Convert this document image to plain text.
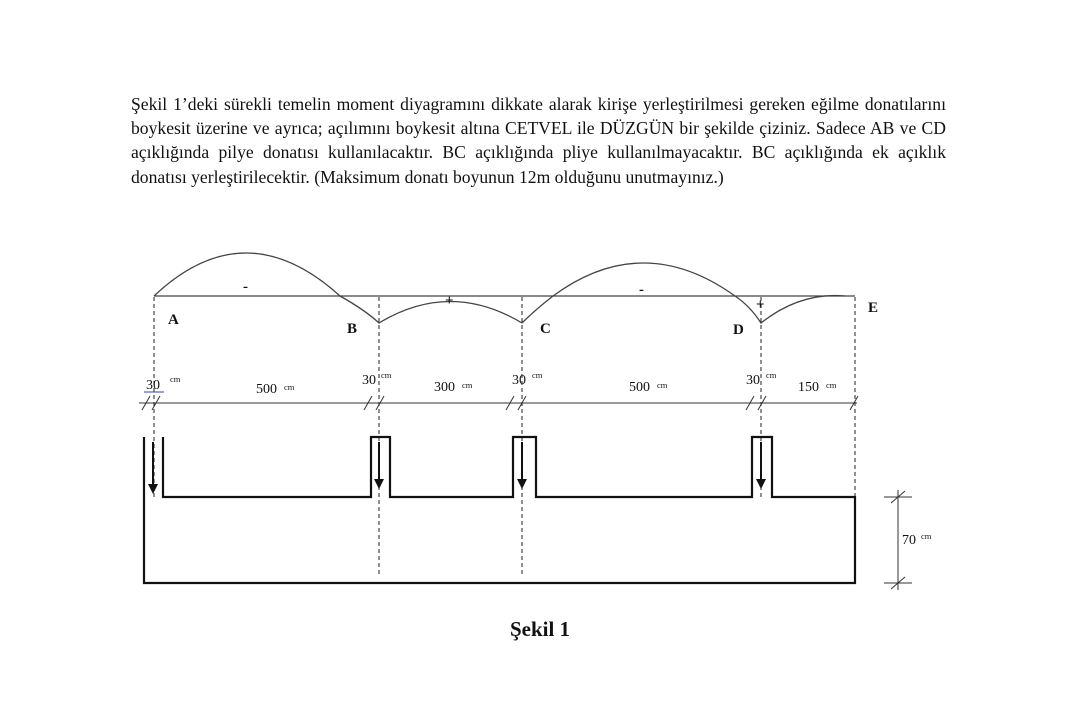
Şekil 1’deki sürekli temelin moment diyagramını dikkate alarak kirişe yerleştirilmesi gereken eğilme donatılarını boykesit üzerine ve ayrıca; açılımını boykesit altına CETVEL ile DÜZGÜN bir şekilde çiziniz. Sadece AB ve CD açıklığında pilye donatısı kullanılacaktır. BC açıklığında pliye kullanılmayacaktır. BC açıklığında ek açıklık donatısı yerleştirilecektir. (Maksimum donatı boyunun 12m olduğunu unutmayınız.)

-
+
-
+
A
B	C	D
E
30 cm
500 cm	30 cm
300 cm	30 cm
500 cm	30 cm
150 cm
70 cm
Şekil 1
